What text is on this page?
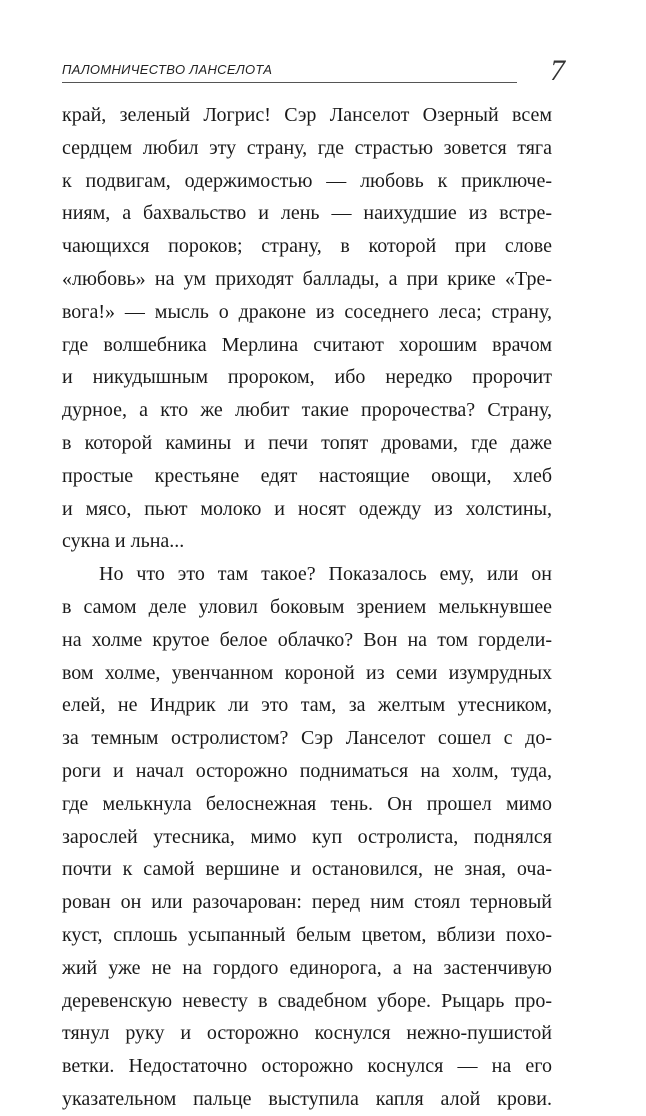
ПАЛОМНИЧЕСТВО ЛАНСЕЛОТА	7
край, зеленый Логрис! Сэр Ланселот Озерный всем
сердцем любил эту страну, где страстью зовется тяга
к подвигам, одержимостью — любовь к приключе-
ниям, а бахвальство и лень — наихудшие из встре-
чающихся пороков; страну, в которой при слове
«любовь» на ум приходят баллады, а при крике «Тре-
вога!» — мысль о драконе из соседнего леса; страну,
где волшебника Мерлина считают хорошим врачом
и никудышным пророком, ибо нередко пророчит
дурное, а кто же любит такие пророчества? Страну,
в которой камины и печи топят дровами, где даже
простые крестьяне едят настоящие овощи, хлеб
и мясо, пьют молоко и носят одежду из холстины,
сукна и льна...
Но что это там такое? Показалось ему, или он
в самом деле уловил боковым зрением мелькнувшее
на холме крутое белое облачко? Вон на том гордели-
вом холме, увенчанном короной из семи изумрудных
елей, не Индрик ли это там, за желтым утесником,
за темным остролистом? Сэр Ланселот сошел с до-
роги и начал осторожно подниматься на холм, туда,
где мелькнула белоснежная тень. Он прошел мимо
зарослей утесника, мимо куп остролиста, поднялся
почти к самой вершине и остановился, не зная, оча-
рован он или разочарован: перед ним стоял терновый
куст, сплошь усыпанный белым цветом, вблизи похо-
жий уже не на гордого единорога, а на застенчивую
деревенскую невесту в свадебном уборе. Рыцарь про-
тянул руку и осторожно коснулся нежно-пушистой
ветки. Недостаточно осторожно коснулся — на его
указательном пальце выступила капля алой крови.
